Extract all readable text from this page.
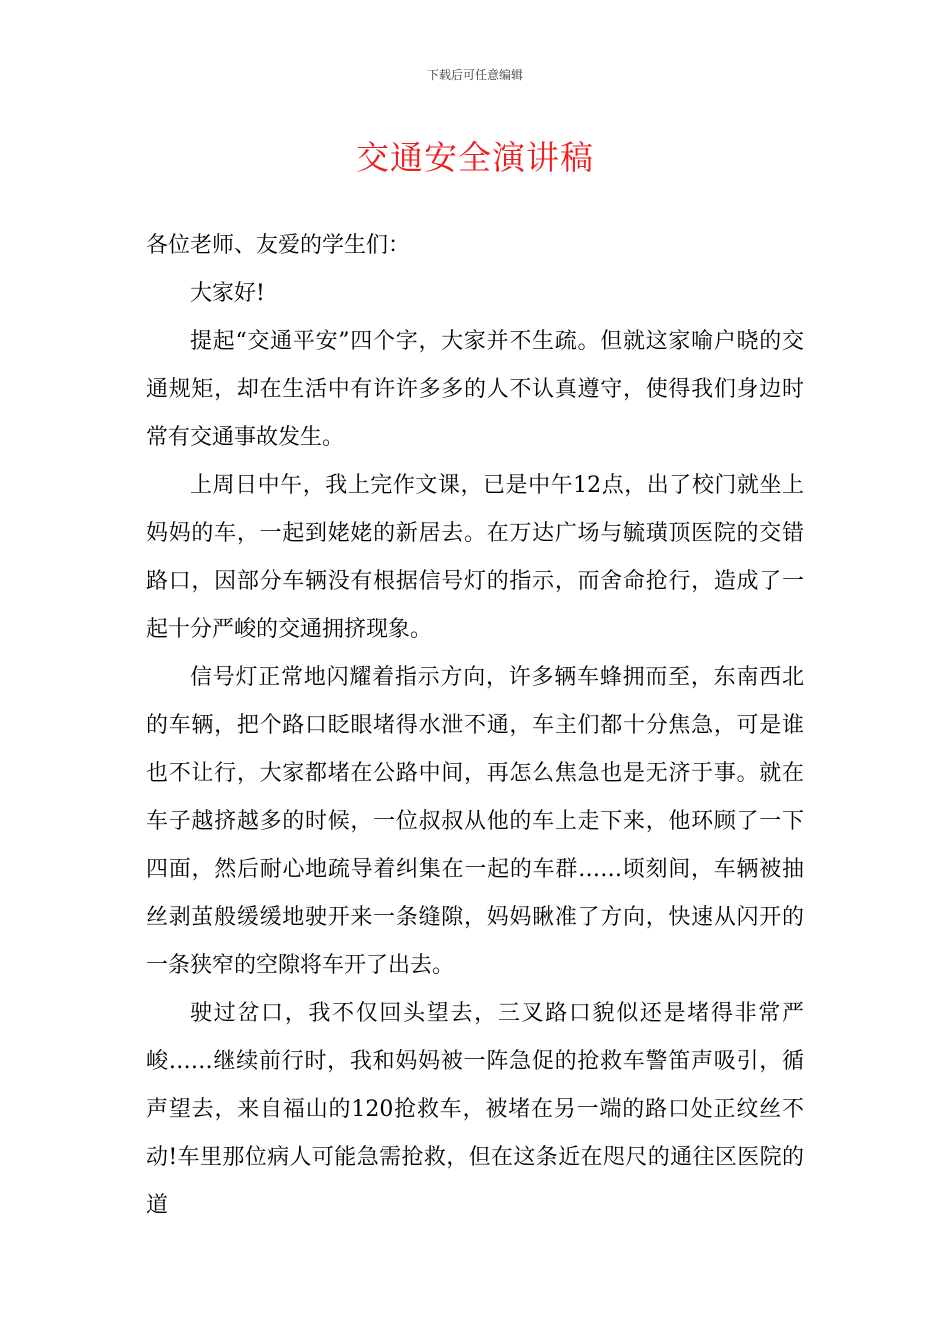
下载后可任意编辑
交通安全演讲稿

各位老师、友爱的学生们：

大家好!

提起“交通平安”四个字，大家并不生疏。但就这家喻户晓的交通规矩，却在生活中有许许多多的人不认真遵守，使得我们身边时常有交通事故发生。

上周日中午，我上完作文课，已是中午12点，出了校门就坐上妈妈的车，一起到姥姥的新居去。在万达广场与毓璜顶医院的交错路口，因部分车辆没有根据信号灯的指示，而舍命抢行，造成了一起十分严峻的交通拥挤现象。

信号灯正常地闪耀着指示方向，许多辆车蜂拥而至，东南西北的车辆，把个路口眨眼堵得水泄不通，车主们都十分焦急，可是谁也不让行，大家都堵在公路中间，再怎么焦急也是无济于事。就在车子越挤越多的时候，一位叔叔从他的车上走下来，他环顾了一下四面，然后耐心地疏导着纠集在一起的车群……顷刻间，车辆被抽丝剥茧般缓缓地驶开来一条缝隙，妈妈瞅准了方向，快速从闪开的一条狭窄的空隙将车开了出去。

驶过岔口，我不仅回头望去，三叉路口貌似还是堵得非常严峻……继续前行时，我和妈妈被一阵急促的抢救车警笛声吸引，循声望去，来自福山的120抢救车，被堵在另一端的路口处正纹丝不动!车里那位病人可能急需抢救，但在这条近在咫尺的通往区医院的道
